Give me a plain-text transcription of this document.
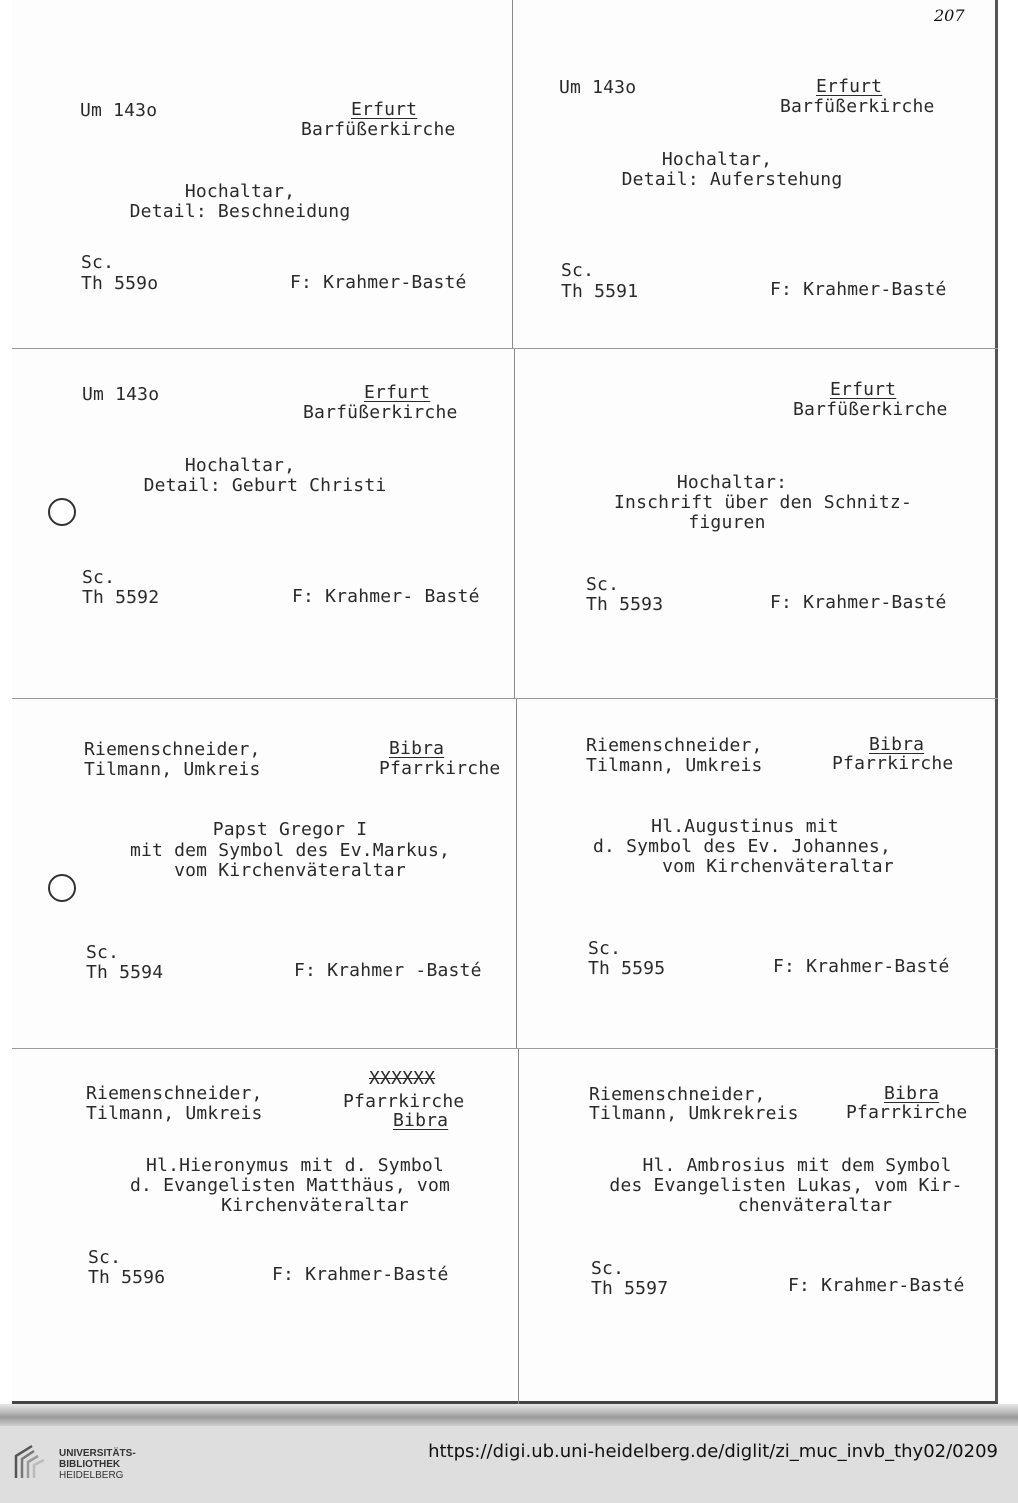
207
Um 143o	Erfurt
Barfüßerkirche
Hochaltar,
Detail: Beschneidung
Sc.
Th 559o	F: Krahmer-Basté
Um 143o	Erfurt
Barfüßerkirche
Hochaltar,
Detail: Auferstehung
Sc.
Th 5591	F: Krahmer-Basté
Um 143o	Erfurt
Barfüßerkirche
Hochaltar,
Detail: Geburt Christi
Sc.
Th 5592	F: Krahmer- Basté
Erfurt
Barfüßerkirche
Hochaltar:
Inschrift über den Schnitz-
figuren
Sc.
Th 5593	F: Krahmer-Basté
Riemenschneider,
Tilmann, Umkreis
Bibra
Pfarrkirche
Papst Gregor I
mit dem Symbol des Ev.Markus,
vom Kirchenväteraltar
Sc.
Th 5594	F: Krahmer -Basté
Riemenschneider,
Tilmann, Umkreis
Bibra
Pfarrkirche
Hl.Augustinus mit
d. Symbol des Ev. Johannes,
vom Kirchenväteraltar
Sc.
Th 5595	F: Krahmer-Basté
Riemenschneider,
Tilmann, Umkreis
XXXXXX
Pfarrkirche
Bibra
Hl.Hieronymus mit d. Symbol
d. Evangelisten Matthäus, vom
Kirchenväteraltar
Sc.
Th 5596	F: Krahmer-Basté
Riemenschneider,
Tilmann, Umkrekreis
Bibra
Pfarrkirche
Hl. Ambrosius mit dem Symbol
des Evangelisten Lukas, vom Kir-
chenväteraltar
Sc.
Th 5597	F: Krahmer-Basté
UNIVERSITÄTS-
BIBLIOTHEK
HEIDELBERG
https://digi.ub.uni-heidelberg.de/diglit/zi_muc_invb_thy02/0209
